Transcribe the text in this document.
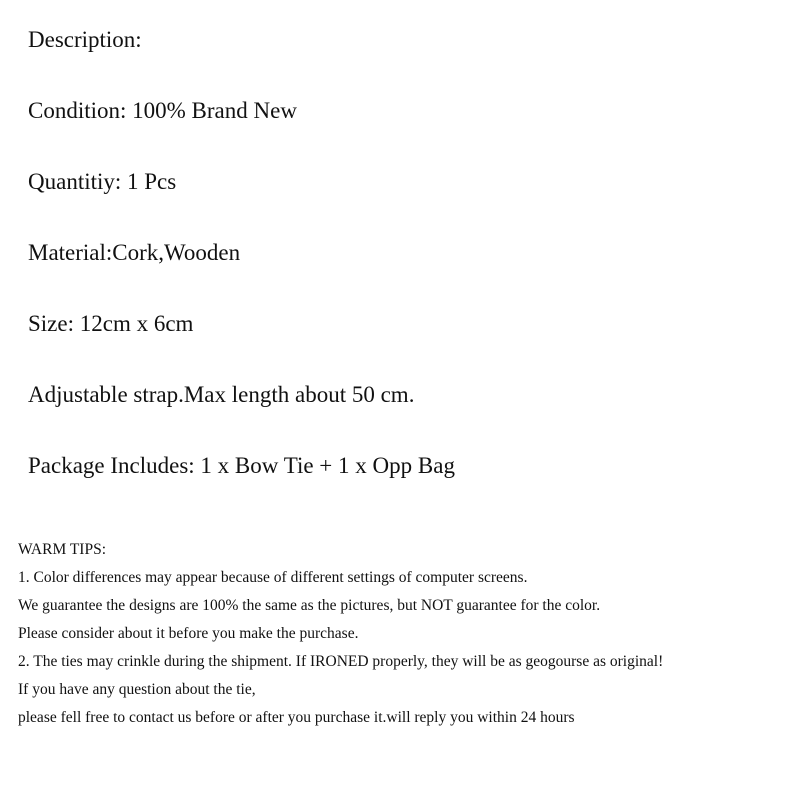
Description:
Condition: 100% Brand New
Quantitiy: 1 Pcs
Material:Cork,Wooden
Size: 12cm x 6cm
Adjustable strap.Max length about 50 cm.
Package Includes: 1 x Bow Tie + 1 x Opp Bag
WARM TIPS:
1. Color differences may appear because of different settings of computer screens.
We guarantee the designs are 100% the same as the pictures, but NOT guarantee for the color.
Please consider about it before you make the purchase.
2. The ties may crinkle during the shipment. If IRONED properly, they will be as geogourse as original!
If you have any question about the tie,
please fell free to contact us before or after you purchase it.will reply you within 24 hours
